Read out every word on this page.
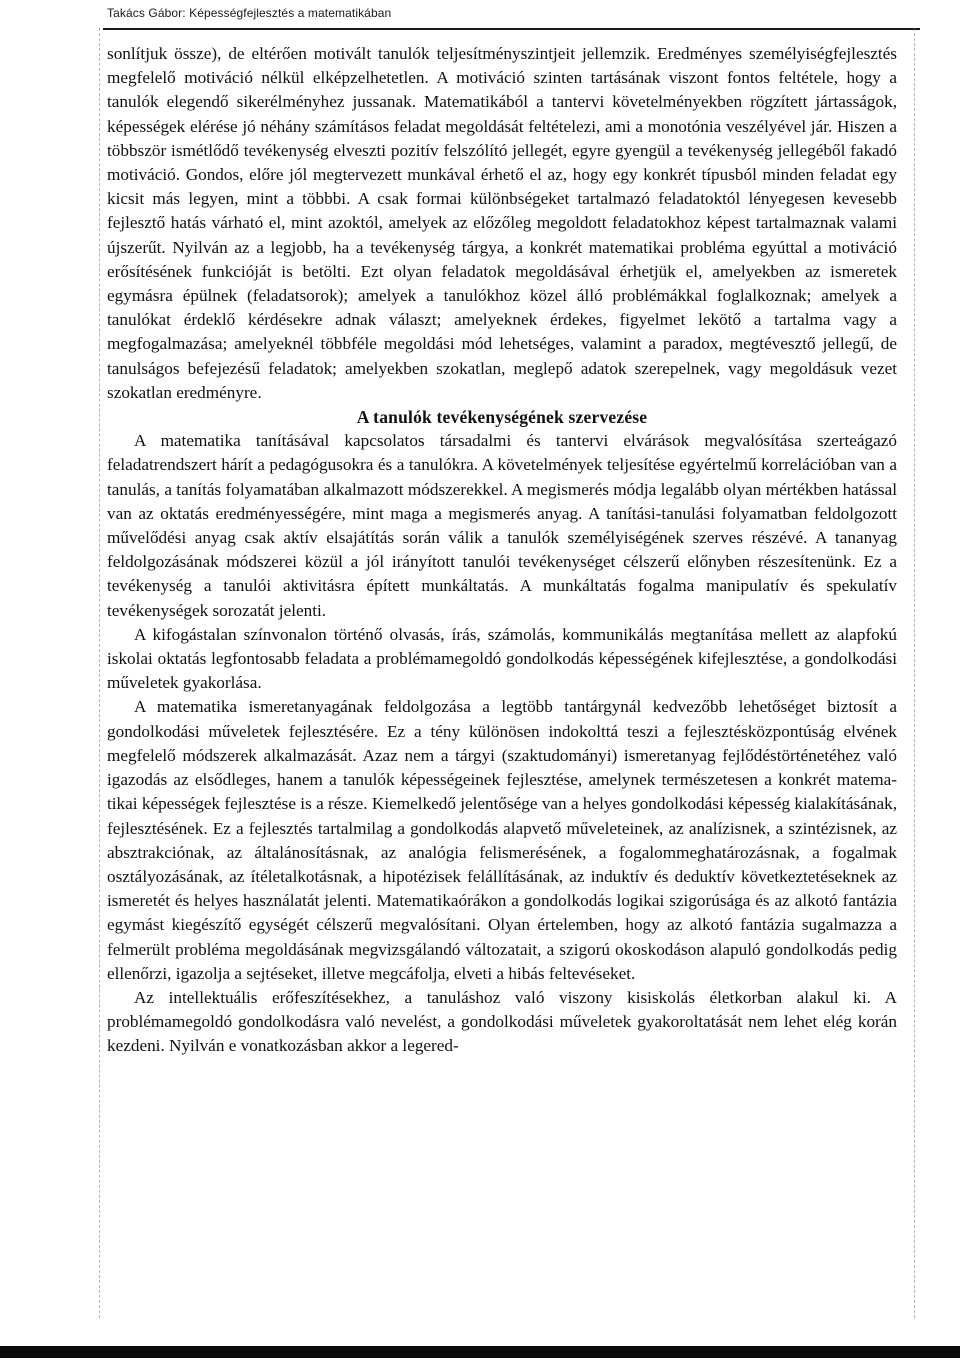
Takács Gábor: Képességfejlesztés a matematikában

sonlítjuk össze), de eltérően motivált tanulók teljesítményszintjeit jellemzik. Eredményes személyiségfejlesztés megfelelő motiváció nélkül elképzelhetetlen. A motiváció szinten tartásának viszont fontos feltétele, hogy a tanulók elegendő sikerélményhez jussanak. Matematikából a tantervi követelményekben rögzített jártasságok, képességek elérése jó néhány számításos feladat megoldását feltételezi, ami a monotónia veszélyével jár. Hiszen a többször ismétlődő tevékenység elveszti pozitív felszólító jellegét, egyre gyengül a tevékenység jellegéből fakadó motiváció. Gondos, előre jól megtervezett munkával érhető el az, hogy egy konkrét típusból minden feladat egy kicsit más legyen, mint a többbi. A csak formai különbségeket tartalmazó feladatoktól lényegesen kevesebb fejlesztő hatás várható el, mint azoktól, amelyek az előzőleg megoldott feladatokhoz képest tartalmaznak valami újszerűt. Nyilván az a legjobb, ha a tevékenység tárgya, a konkrét matematikai probléma egyúttal a motiváció erősítésének funkcióját is betölti. Ezt olyan feladatok megoldásával érhetjük el, amelyekben az ismeretek egymásra épülnek (feladatsorok); amelyek a tanulókhoz közel álló problémákkal foglalkoznak; amelyek a tanulókat érdeklő kérdésekre adnak választ; amelyeknek érdekes, figyelmet lekötő a tartalma vagy a megfogalmazása; amelyeknél többféle megoldási mód lehetséges, valamint a paradox, megtévesztő jellegű, de tanulságos befejezésű feladatok; amelyekben szokatlan, meglepő adatok szerepelnek, vagy megoldásuk vezet szokatlan eredményre.

A tanulók tevékenységének szervezése

A matematika tanításával kapcsolatos társadalmi és tantervi elvárások megvalósítása szerteágazó feladatrendszert hárít a pedagógusokra és a tanulókra. A követelmények teljesítése egyértelmű korrelációban van a tanulás, a tanítás folyamatában alkalmazott módszerekkel. A megismerés módja legalább olyan mértékben hatással van az oktatás eredményességére, mint maga a megismerés anyag. A tanítási-tanulási folyamatban feldolgozott művelődési anyag csak aktív elsajátítás során válik a tanulók személyiségének szerves részévé. A tananyag feldolgozásának módszerei közül a jól irányított tanulói tevékenységet célszerű előnyben részesítenünk. Ez a tevékenység a tanulói aktivitásra épített munkáltatás. A munkáltatás fogalma manipulatív és spekulatív tevékenységek sorozatát jelenti.

A kifogástalan színvonalon történő olvasás, írás, számolás, kommunikálás megtanítása mellett az alapfokú iskolai oktatás legfontosabb feladata a problémamegoldó gondolkodás képességének kifejlesztése, a gondolkodási műveletek gyakorlása.

A matematika ismeretanyagának feldolgozása a legtöbb tantárgynál kedvezőbb lehetőséget biztosít a gondolkodási műveletek fejlesztésére. Ez a tény különösen indokolttá teszi a fejlesztésközpontúság elvének megfelelő módszerek alkalmazását. Azaz nem a tárgyi (szaktudományi) ismeretanyag fejlődéstörténetéhez való igazodás az elsődleges, hanem a tanulók képességeinek fejlesztése, amelynek természetesen a konkrét matematikai képességek fejlesztése is a része. Kiemelkedő jelentősége van a helyes gondolkodási képesség kialakításának, fejlesztésének. Ez a fejlesztés tartalmilag a gondolkodás alapvető műveleteinek, az analízisnek, a szintézisnek, az absztrakciónak, az általánosításnak, az analógia felismerésének, a fogalommeghatározásnak, a fogalmak osztályozásának, az ítéletalkotásnak, a hipotézisek felállításának, az induktív és deduktív következtetéseknek az ismeretét és helyes használatát jelenti. Matematikaórákon a gondolkodás logikai szigorúsága és az alkotó fantázia egymást kiegészítő egységét célszerű megvalósítani. Olyan értelemben, hogy az alkotó fantázia sugalmazza a felmerült probléma megoldásának megvizsgálandó változatait, a szigorú okoskodáson alapuló gondolkodás pedig ellenőrzi, igazolja a sejtéseket, illetve megcáfolja, elveti a hibás feltevéseket.

Az intellektuális erőfeszítésekhez, a tanuláshoz való viszony kisiskolás életkorban alakul ki. A problémamegoldó gondolkodásra való nevelést, a gondolkodási műveletek gyakoroltatását nem lehet elég korán kezdeni. Nyilván e vonatkozásban akkor a legered-
